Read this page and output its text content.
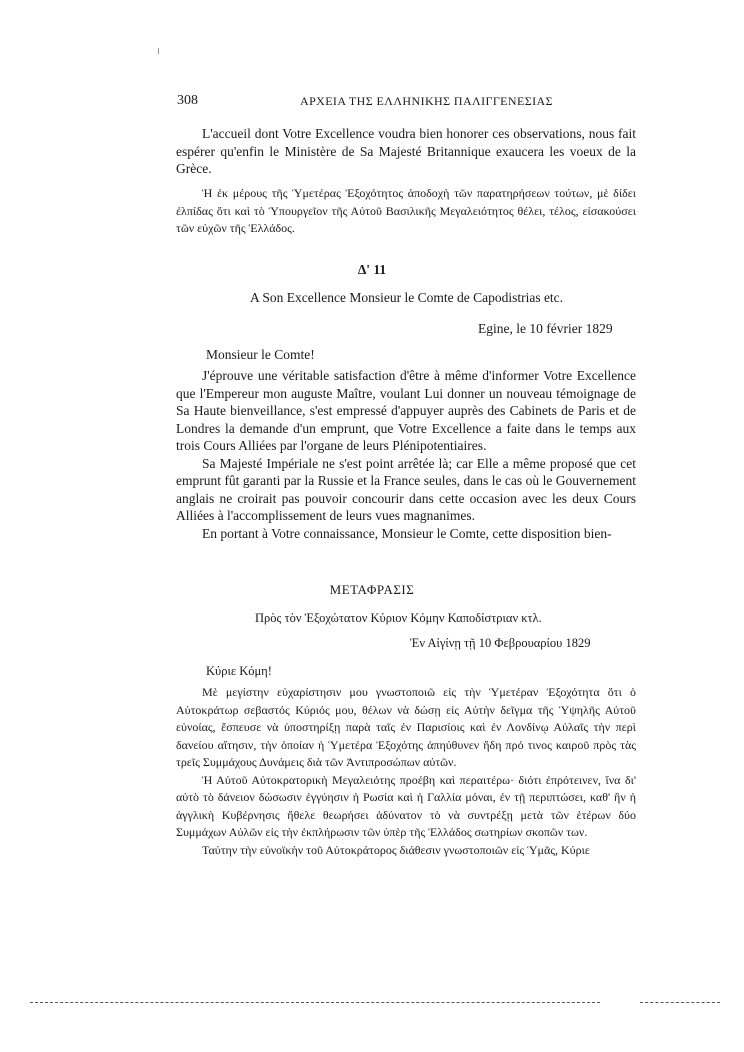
308	ΑΡΧΕΙΑ ΤΗΣ ΕΛΛΗΝΙΚΗΣ ΠΑΛΙΓΓΕΝΕΣΙΑΣ

L'accueil dont Votre Excellence voudra bien honorer ces observations, nous fait espérer qu'enfin le Ministère de Sa Majesté Britannique exaucera les voeux de la Grèce.

Ἡ ἐκ μέρους τῆς Ὑμετέρας Ἐξοχότητος ἀποδοχὴ τῶν παρατηρήσεων τούτων, μὲ δίδει ἐλπίδας ὅτι καὶ τὸ Ὑπουργεῖον τῆς Αὐτοῦ Βασιλικῆς Μεγαλειότητος θέλει, τέλος, εἰσακούσει τῶν εὐχῶν τῆς Ἑλλάδος.

Δ' 11
A Son Excellence Monsieur le Comte de Capodistrias etc.
Egine, le 10 février 1829
Monsieur le Comte!

J'éprouve une véritable satisfaction d'être à même d'informer Votre Excellence que l'Empereur mon auguste Maître, voulant Lui donner un nouveau témoignage de Sa Haute bienveillance, s'est empressé d'appuyer auprès des Cabinets de Paris et de Londres la demande d'un emprunt, que Votre Excellence a faite dans le temps aux trois Cours Alliées par l'organe de leurs Plénipotentiaires.

Sa Majesté Impériale ne s'est point arrêtée là; car Elle a même proposé que cet emprunt fût garanti par la Russie et la France seules, dans le cas où le Gouvernement anglais ne croirait pas pouvoir concourir dans cette occasion avec les deux Cours Alliées à l'accomplissement de leurs vues magnanimes.

En portant à Votre connaissance, Monsieur le Comte, cette disposition bien-

ΜΕΤΑΦΡΑΣΙΣ
Πρὸς τὸν Ἐξοχώτατον Κύριον Κόμην Καποδίστριαν κτλ.
Ἐν Αἰγίνῃ τῇ 10 Φεβρουαρίου 1829
Κύριε Κόμη!

Μὲ μεγίστην εὐχαρίστησιν μου γνωστοποιῶ εἰς τὴν Ὑμετέραν Ἐξοχότητα ὅτι ὁ Αὐτοκράτωρ σεβαστός Κύριός μου, θέλων νὰ δώσῃ εἰς Αὐτὴν δεῖγμα τῆς Ὑψηλῆς Αὐτοῦ εὐνοίας, ἔσπευσε νὰ ὑποστηρίξῃ παρὰ ταῖς ἐν Παρισίοις καὶ ἐν Λονδίνῳ Αὐλαῖς τὴν περὶ δανείου αἴτησιν, τὴν ὁποίαν ἡ Ὑμετέρα Ἐξοχότης ἀπηύθυνεν ἤδη πρό τινος καιροῦ πρὸς τὰς τρεῖς Συμμάχους Δυνάμεις διὰ τῶν Ἀντιπροσώπων αὐτῶν.

Ἡ Αὐτοῦ Αὐτοκρατορικὴ Μεγαλειότης προέβη καὶ περαιτέρω· διότι ἐπρότεινεν, ἵνα δι' αὐτὸ τὸ δάνειον δώσωσιν ἐγγύησιν ἡ Ρωσία καὶ ἡ Γαλλία μόναι, ἐν τῇ περιπτώσει, καθ' ἣν ἡ ἀγγλικὴ Κυβέρνησις ἤθελε θεωρήσει ἀδύνατον τὸ νὰ συντρέξῃ μετὰ τῶν ἑτέρων δύο Συμμάχων Αὐλῶν εἰς τὴν ἐκπλήρωσιν τῶν ὑπὲρ τῆς Ἑλλάδος σωτηρίων σκοπῶν των.

Ταύτην τὴν εὐνοϊκὴν τοῦ Αὐτοκράτορος διάθεσιν γνωστοποιῶν εἰς Ὑμᾶς, Κύριε
